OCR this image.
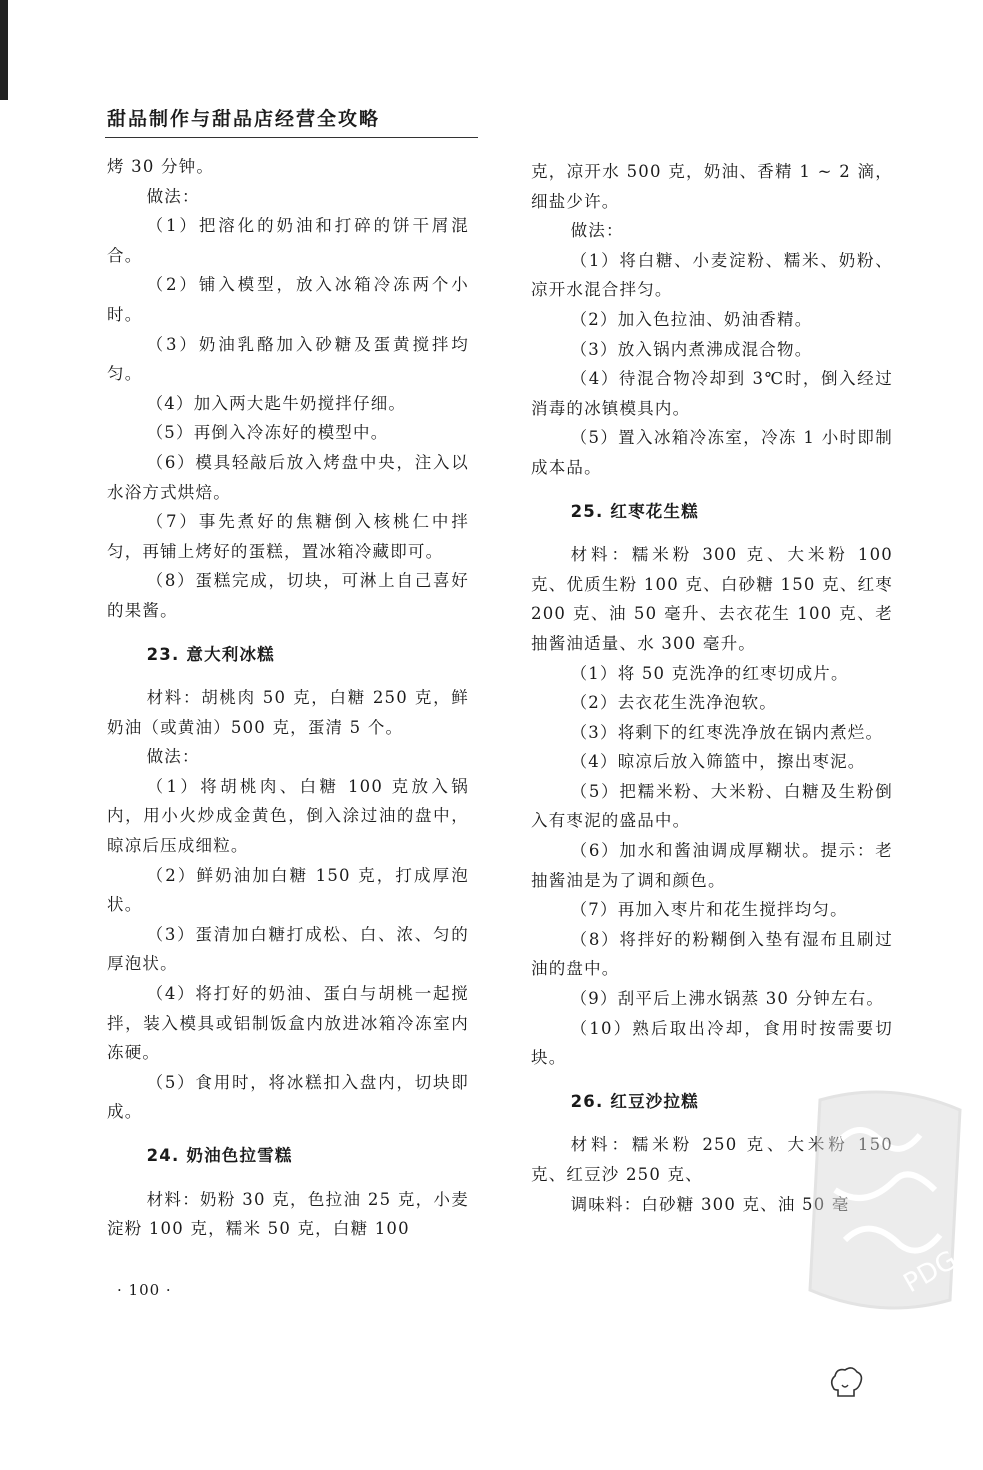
甜品制作与甜品店经营全攻略

烤 30 分钟。

做法：

（1）把溶化的奶油和打碎的饼干屑混合。

（2）铺入模型，放入冰箱冷冻两个小时。

（3）奶油乳酪加入砂糖及蛋黄搅拌均匀。

（4）加入两大匙牛奶搅拌仔细。

（5）再倒入冷冻好的模型中。

（6）模具轻敲后放入烤盘中央，注入以水浴方式烘焙。

（7）事先煮好的焦糖倒入核桃仁中拌匀，再铺上烤好的蛋糕，置冰箱冷藏即可。

（8）蛋糕完成，切块，可淋上自己喜好的果酱。

23. 意大利冰糕

材料：胡桃肉 50 克，白糖 250 克，鲜奶油（或黄油）500 克，蛋清 5 个。

做法：

（1）将胡桃肉、白糖 100 克放入锅内，用小火炒成金黄色，倒入涂过油的盘中，晾凉后压成细粒。

（2）鲜奶油加白糖 150 克，打成厚泡状。

（3）蛋清加白糖打成松、白、浓、匀的厚泡状。

（4）将打好的奶油、蛋白与胡桃一起搅拌，装入模具或铝制饭盒内放进冰箱冷冻室内冻硬。

（5）食用时，将冰糕扣入盘内，切块即成。

24. 奶油色拉雪糕

材料：奶粉 30 克，色拉油 25 克，小麦淀粉 100 克，糯米 50 克，白糖 100

克，凉开水 500 克，奶油、香精 1 ~ 2 滴，细盐少许。

做法：

（1）将白糖、小麦淀粉、糯米、奶粉、凉开水混合拌匀。

（2）加入色拉油、奶油香精。

（3）放入锅内煮沸成混合物。

（4）待混合物冷却到 3℃时，倒入经过消毒的冰镇模具内。

（5）置入冰箱冷冻室，冷冻 1 小时即制成本品。

25. 红枣花生糕

材料：糯米粉 300 克、大米粉 100 克、优质生粉 100 克、白砂糖 150 克、红枣 200 克、油 50 毫升、去衣花生 100 克、老抽酱油适量、水 300 毫升。

（1）将 50 克洗净的红枣切成片。

（2）去衣花生洗净泡软。

（3）将剩下的红枣洗净放在锅内煮烂。

（4）晾凉后放入筛篮中，擦出枣泥。

（5）把糯米粉、大米粉、白糖及生粉倒入有枣泥的盛品中。

（6）加水和酱油调成厚糊状。提示：老抽酱油是为了调和颜色。

（7）再加入枣片和花生搅拌均匀。

（8）将拌好的粉糊倒入垫有湿布且刷过油的盘中。

（9）刮平后上沸水锅蒸 30 分钟左右。

（10）熟后取出冷却，食用时按需要切块。

26. 红豆沙拉糕

材料：糯米粉 250 克、大米粉 150 克、红豆沙 250 克、

调味料：白砂糖 300 克、油 50 毫

· 100 ·	PDG
